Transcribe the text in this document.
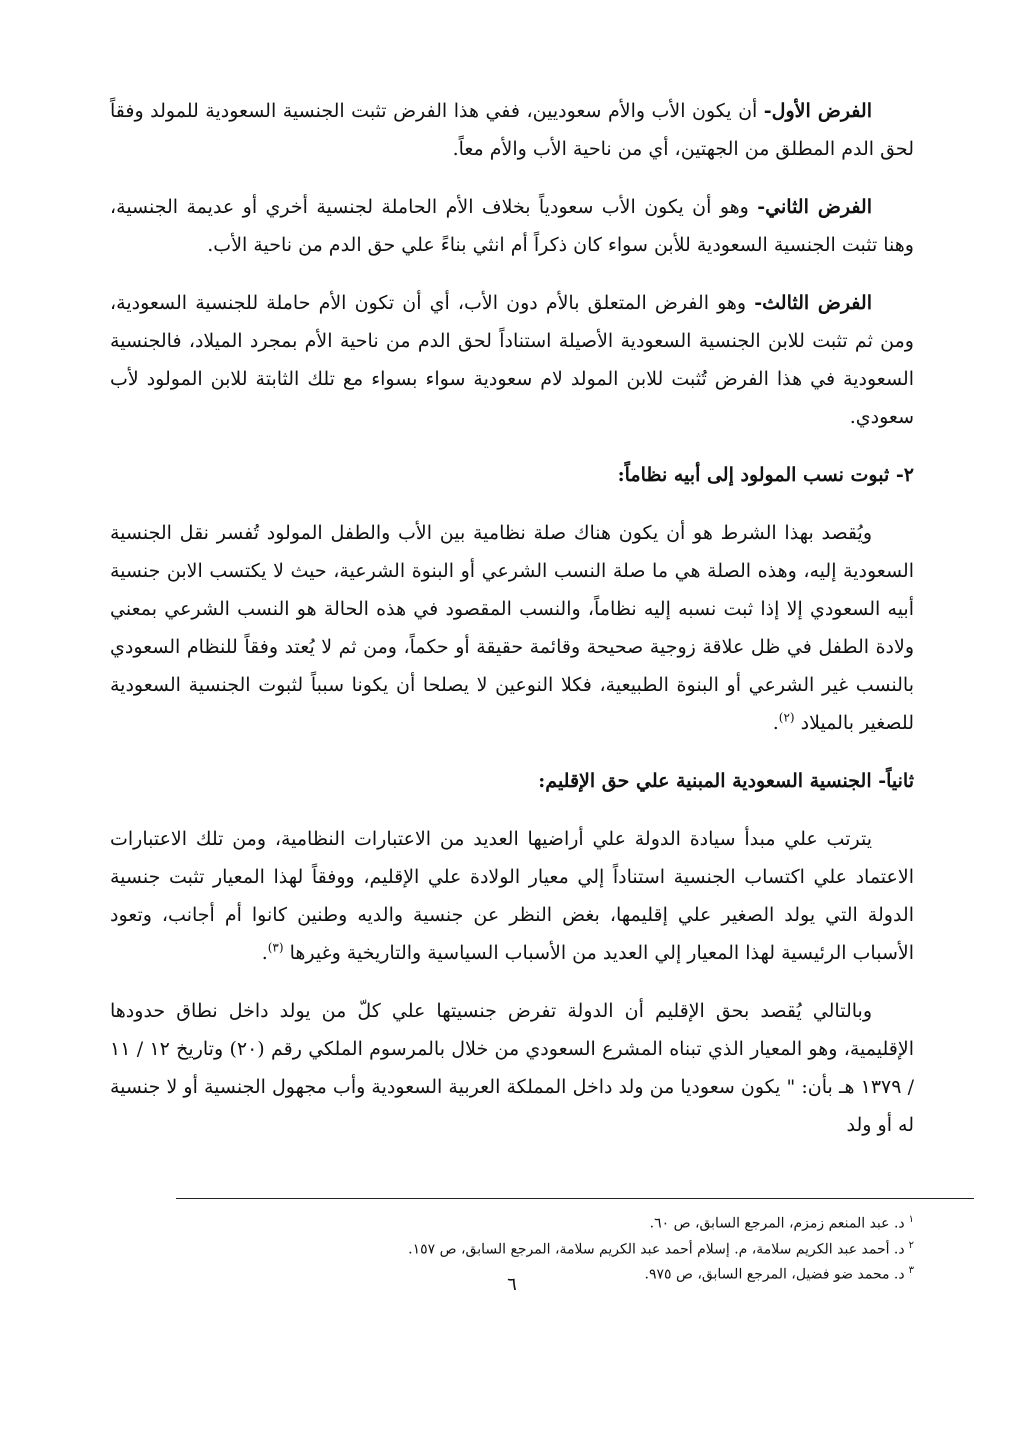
الفرض الأول- أن يكون الأب والأم سعوديين، ففي هذا الفرض تثبت الجنسية السعودية للمولد وفقاً لحق الدم المطلق من الجهتين، أي من ناحية الأب والأم معاً.

الفرض الثاني- وهو أن يكون الأب سعودياً بخلاف الأم الحاملة لجنسية أخري أو عديمة الجنسية، وهنا تثبت الجنسية السعودية للأبن سواء كان ذكراً أم انثي بناءً علي حق الدم من ناحية الأب.

الفرض الثالث- وهو الفرض المتعلق بالأم دون الأب، أي أن تكون الأم حاملة للجنسية السعودية، ومن ثم تثبت للابن الجنسية السعودية الأصيلة استناداً لحق الدم من ناحية الأم بمجرد الميلاد، فالجنسية السعودية في هذا الفرض تُثبت للابن المولد لام سعودية سواء بسواء مع تلك الثابتة للابن المولود لأب سعودي.

٢- ثبوت نسب المولود إلى أبيه نظاماً:

ويُقصد بهذا الشرط هو أن يكون هناك صلة نظامية بين الأب والطفل المولود تُفسر نقل الجنسية السعودية إليه، وهذه الصلة هي ما صلة النسب الشرعي أو البنوة الشرعية، حيث لا يكتسب الابن جنسية أبيه السعودي إلا إذا ثبت نسبه إليه نظاماً، والنسب المقصود في هذه الحالة هو النسب الشرعي بمعني ولادة الطفل في ظل علاقة زوجية صحيحة وقائمة حقيقة أو حكماً، ومن ثم لا يُعتد وفقاً للنظام السعودي بالنسب غير الشرعي أو البنوة الطبيعية، فكلا النوعين لا يصلحا أن يكونا سبباً لثبوت الجنسية السعودية للصغير بالميلاد $^{(٢)}$.

ثانياً- الجنسية السعودية المبنية علي حق الإقليم:

يترتب علي مبدأ سيادة الدولة علي أراضيها العديد من الاعتبارات النظامية، ومن تلك الاعتبارات الاعتماد علي اكتساب الجنسية استناداً إلي معيار الولادة علي الإقليم، ووفقاً لهذا المعيار تثبت جنسية الدولة التي يولد الصغير علي إقليمها، بغض النظر عن جنسية والديه وطنين كانوا أم أجانب، وتعود الأسباب الرئيسية لهذا المعيار إلي العديد من الأسباب السياسية والتاريخية وغيرها $^{(٣)}$.

وبالتالي يُقصد بحق الإقليم أن الدولة تفرض جنسيتها علي كلّ من يولد داخل نطاق حدودها الإقليمية، وهو المعيار الذي تبناه المشرع السعودي من خلال بالمرسوم الملكي رقم (٢٠) وتاريخ ١٢ / ١١ / ١٣٧٩ هـ بأن: " يكون سعوديا من ولد داخل المملكة العربية السعودية وأب مجهول الجنسية أو لا جنسية له أو ولد

$^١$د. عبد المنعم زمزم، المرجع السابق، ص ٦٠.

$^٢$د. أحمد عبد الكريم سلامة، م. إسلام أحمد عبد الكريم سلامة، المرجع السابق، ص ١٥٧.

$^٣$د. محمد ضو فضيل، المرجع السابق، ص ٩٧٥.

٦
